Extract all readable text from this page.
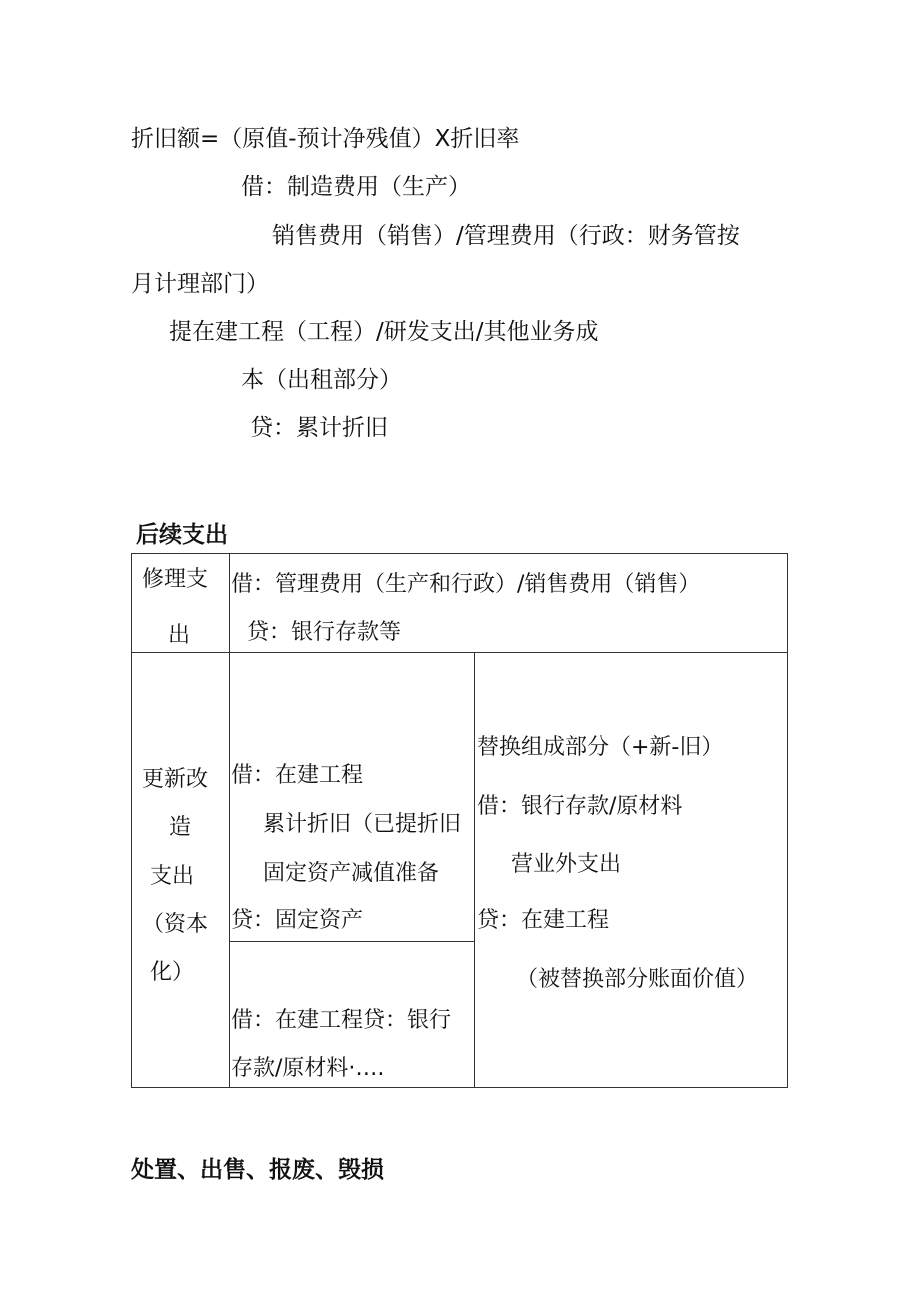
折旧额=（原值-预计净残值）X折旧率
借：制造费用（生产）
销售费用（销售）/管理费用（行政：财务管按
月计理部门）
提在建工程（工程）/研发支出/其他业务成
本（出租部分）
贷：累计折旧
后续支出
修理支
出
借：管理费用（生产和行政）/销售费用（销售）
贷：银行存款等
更新改
造
支出
（资本
化）
借：在建工程
累计折旧（已提折旧
固定资产减值准备
贷：固定资产
借：在建工程贷：银行
存款/原材料·….
替换组成部分（+新-旧）
借：银行存款/原材料
营业外支出
贷：在建工程
（被替换部分账面价值）
处置、出售、报废、毁损
